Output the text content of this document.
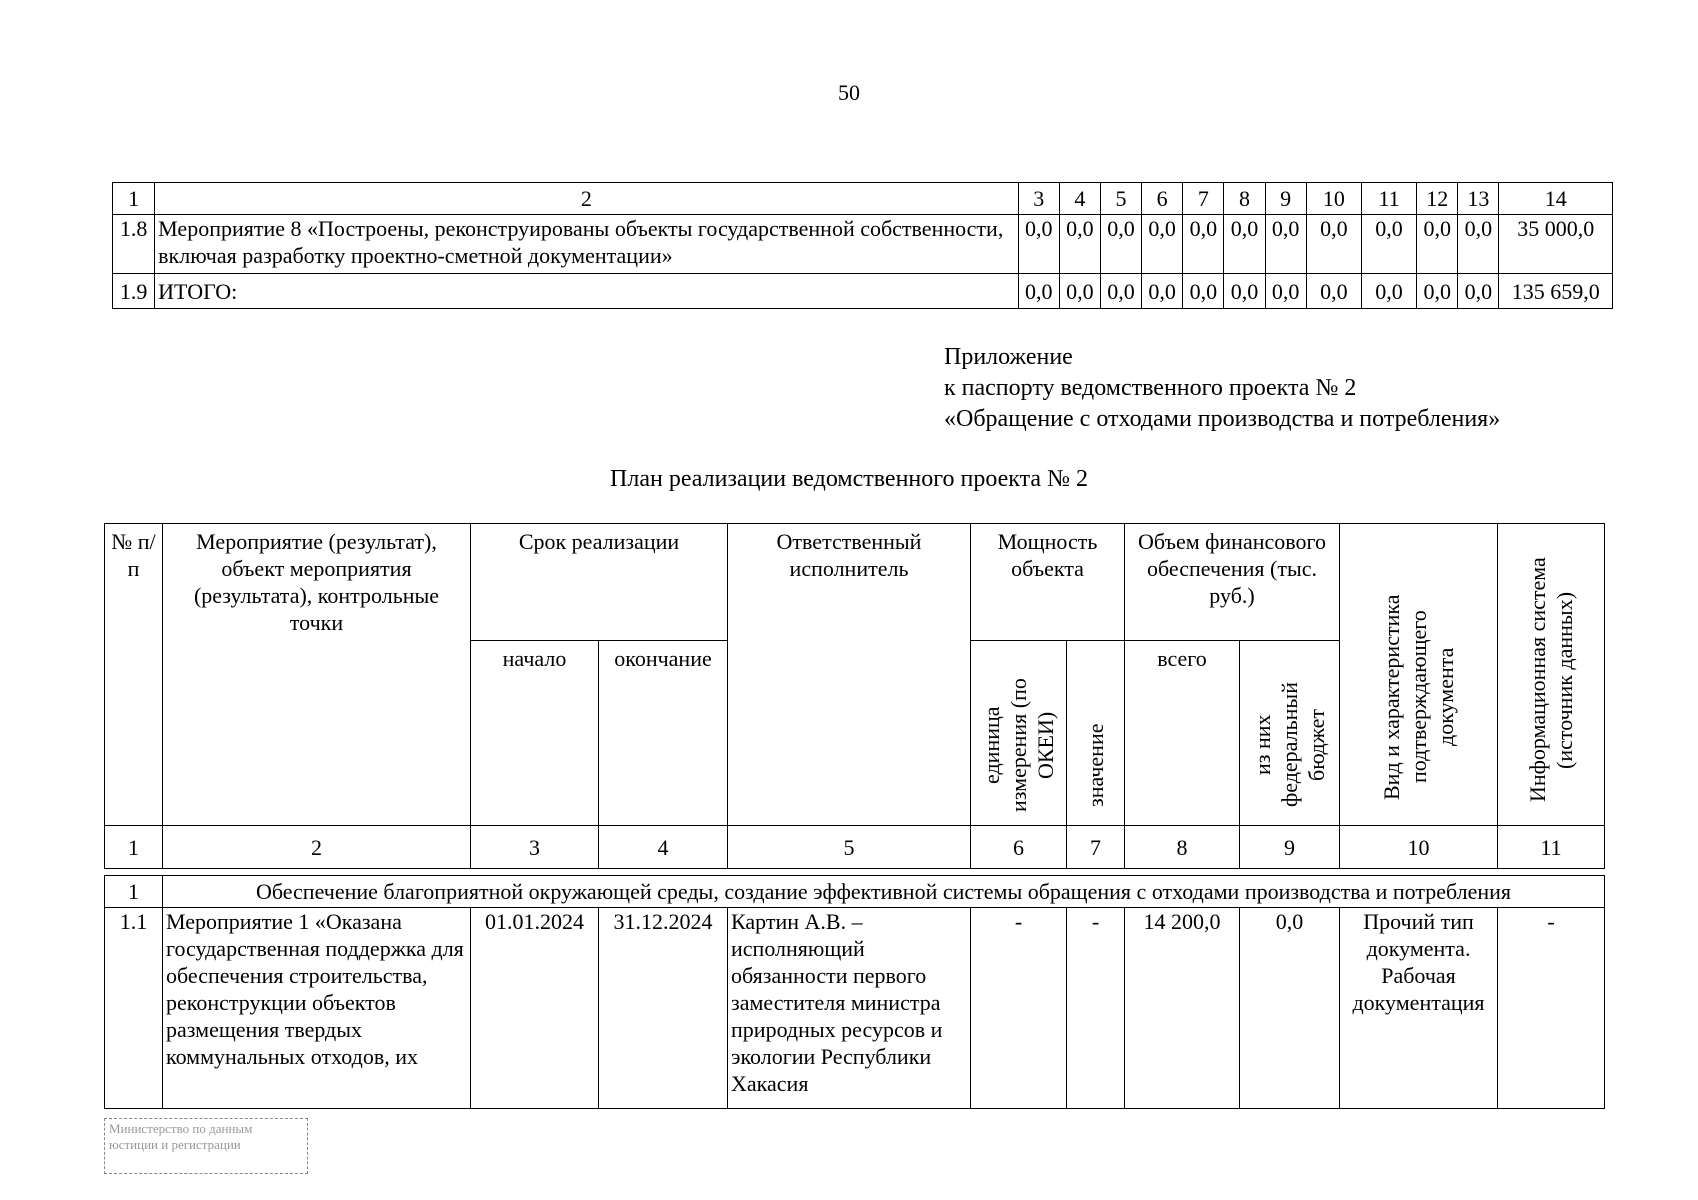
50
1	2	3	4	5	6	7	8	9	10	11	12	13	14
1.8	Мероприятие 8 «Построены, реконструированы объекты государственной собственности, включая разработку проектно-сметной документации»	0,0	0,0	0,0	0,0	0,0	0,0	0,0	0,0	0,0	0,0	0,0	35 000,0
1.9	ИТОГО:	0,0	0,0	0,0	0,0	0,0	0,0	0,0	0,0	0,0	0,0	0,0	135 659,0
Приложение
к паспорту ведомственного проекта № 2
«Обращение с отходами производства и потребления»
План реализации ведомственного проекта № 2
№ п/п	Мероприятие (результат), объект мероприятия (результата), контрольные точки	Срок реализации		Ответственный исполнитель	Мощность объекта		Объем финансового обеспечения (тыс. руб.)		Вид и характеристика подтверждающего документа	Информационная система (источник данных)
		начало	окончание		единица измерения (по ОКЕИ)	значение	всего	из них федеральный бюджет		
1	2	3	4	5	6	7	8	9	10	11

1	Обеспечение благоприятной окружающей среды, создание эффективной системы обращения с отходами производства и потребления									
1.1	Мероприятие 1 «Оказана государственная поддержка для обеспечения строительства, реконструкции объектов размещения твердых коммунальных отходов, их	01.01.2024	31.12.2024	Картин А.В. – исполняющий обязанности первого заместителя министра природных ресурсов и экологии Республики Хакасия	-	-	14 200,0	0,0	Прочий тип документа. Рабочая документация	-
Министерство по данным
юстиции и регистрации
